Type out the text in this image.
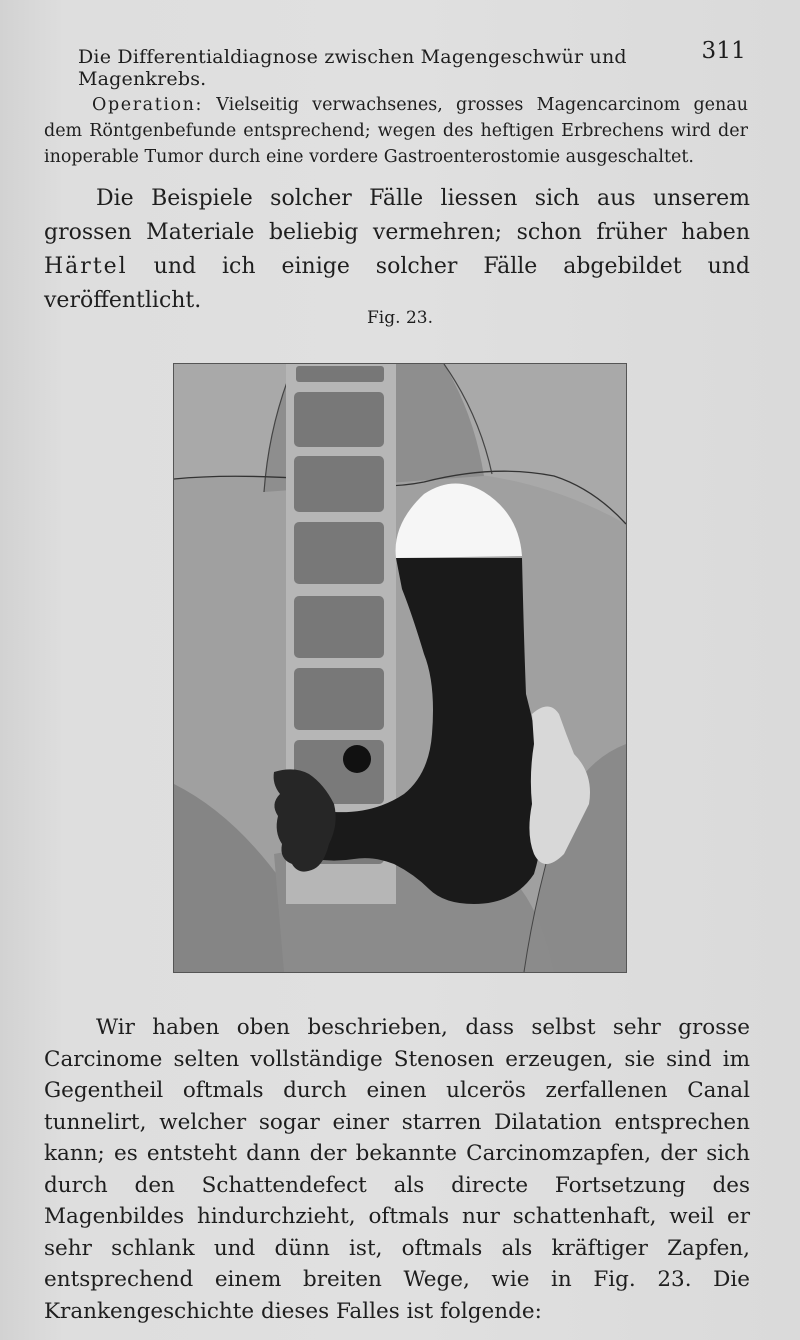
Die Differentialdiagnose zwischen Magengeschwür und Magenkrebs.
311
Operation: Vielseitig verwachsenes, grosses Magencarcinom genau dem Röntgenbefunde entsprechend; wegen des heftigen Erbrechens wird der inoperable Tumor durch eine vordere Gastroenterostomie ausgeschaltet.
Die Beispiele solcher Fälle liessen sich aus unserem grossen Materiale beliebig vermehren; schon früher haben Härtel und ich einige solcher Fälle abgebildet und veröffentlicht.
Fig. 23.
Wir haben oben beschrieben, dass selbst sehr grosse Carcinome selten vollständige Stenosen erzeugen, sie sind im Gegentheil oftmals durch einen ulcerös zerfallenen Canal tunnelirt, welcher sogar einer starren Dilatation entsprechen kann; es entsteht dann der bekannte Carcinomzapfen, der sich durch den Schattendefect als directe Fortsetzung des Magenbildes hindurchzieht, oftmals nur schattenhaft, weil er sehr schlank und dünn ist, oftmals als kräftiger Zapfen, entsprechend einem breiten Wege, wie in Fig. 23. Die Krankengeschichte dieses Falles ist folgende:
